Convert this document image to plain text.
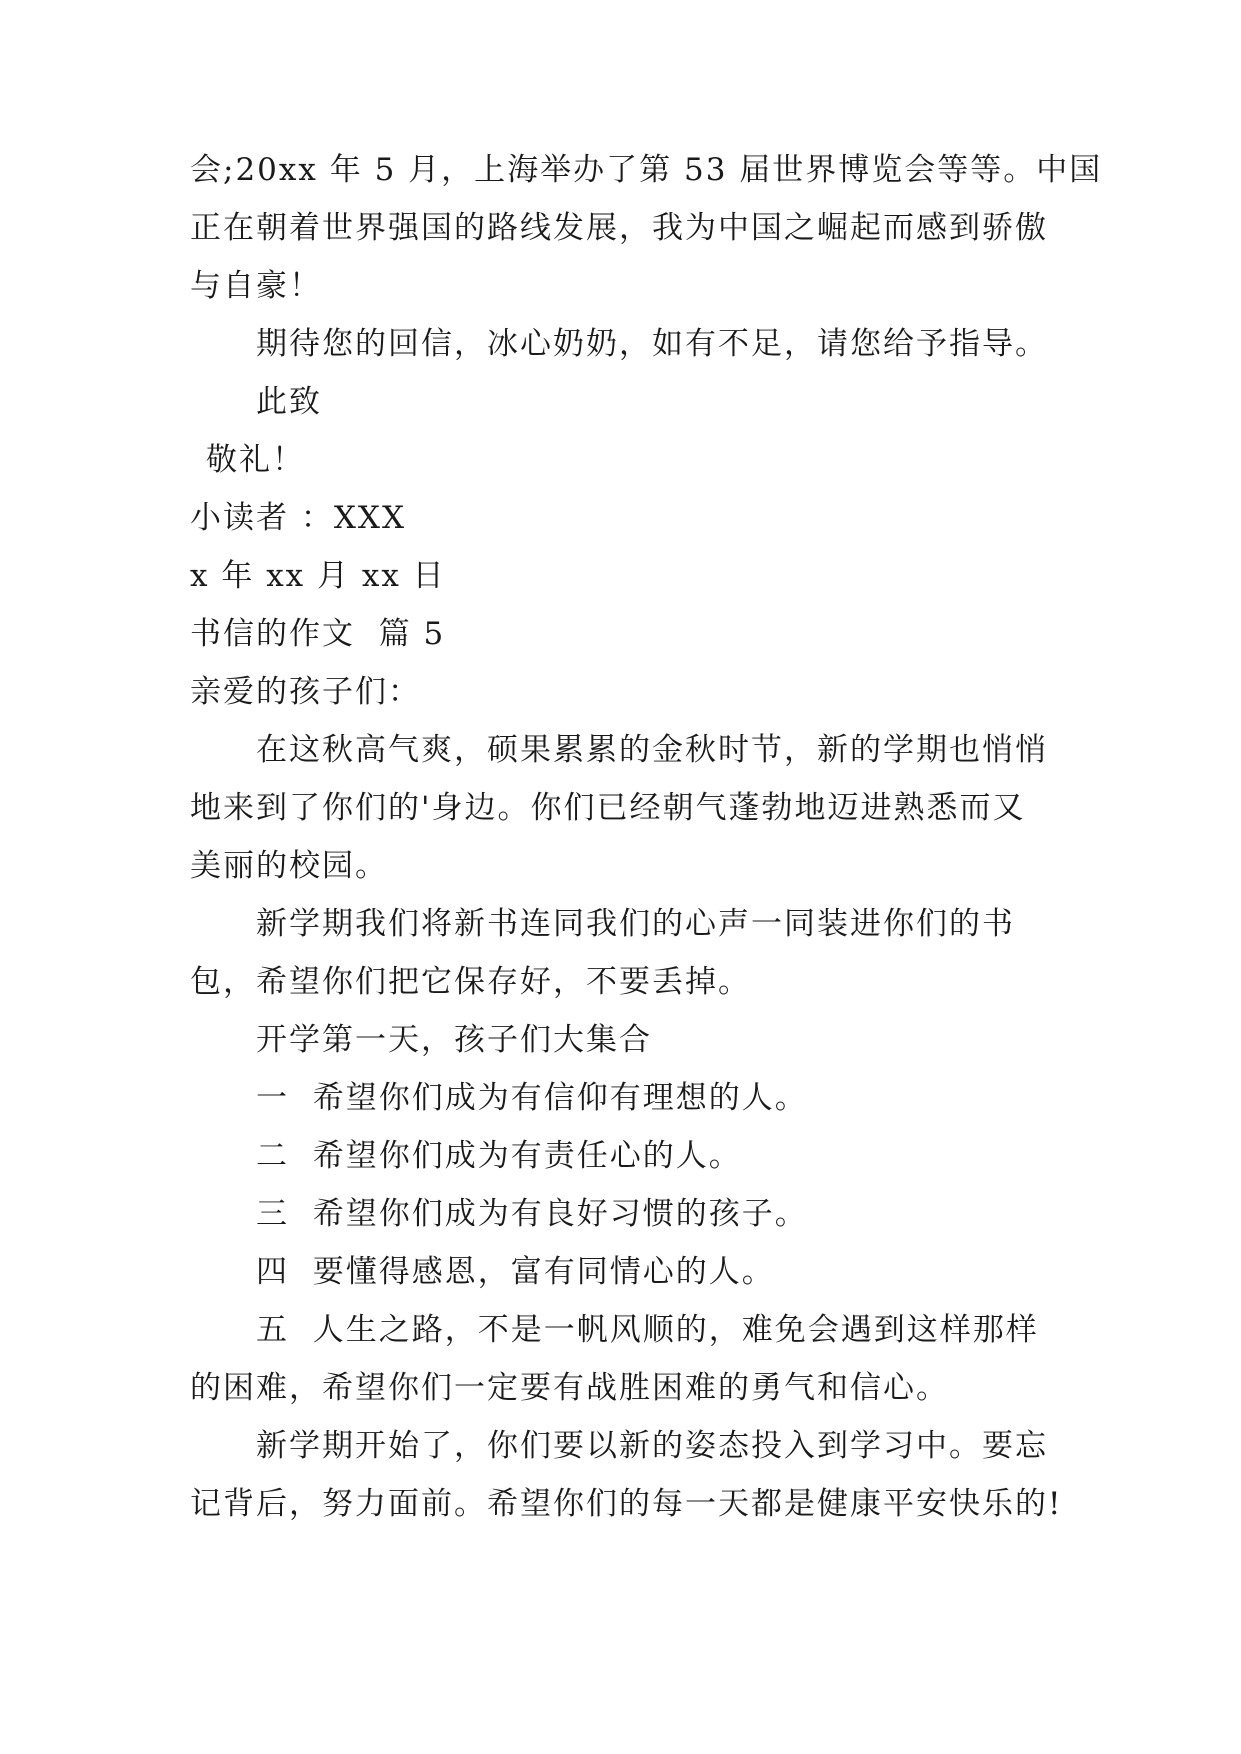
会;20xx 年 5 月，上海举办了第 53 届世界博览会等等。中国
正在朝着世界强国的路线发展，我为中国之崛起而感到骄傲
与自豪！
期待您的回信，冰心奶奶，如有不足，请您给予指导。
此致
敬礼！
小读者 ：XXX
x 年 xx 月 xx 日
书信的作文  篇 5
亲爱的孩子们：
在这秋高气爽，硕果累累的金秋时节，新的学期也悄悄
地来到了你们的'身边。你们已经朝气蓬勃地迈进熟悉而又
美丽的校园。
新学期我们将新书连同我们的心声一同装进你们的书
包，希望你们把它保存好，不要丢掉。
开学第一天，孩子们大集合
一  希望你们成为有信仰有理想的人。
二  希望你们成为有责任心的人。
三  希望你们成为有良好习惯的孩子。
四  要懂得感恩，富有同情心的人。
五  人生之路，不是一帆风顺的，难免会遇到这样那样
的困难，希望你们一定要有战胜困难的勇气和信心。
新学期开始了，你们要以新的姿态投入到学习中。要忘
记背后，努力面前。希望你们的每一天都是健康平安快乐的!
